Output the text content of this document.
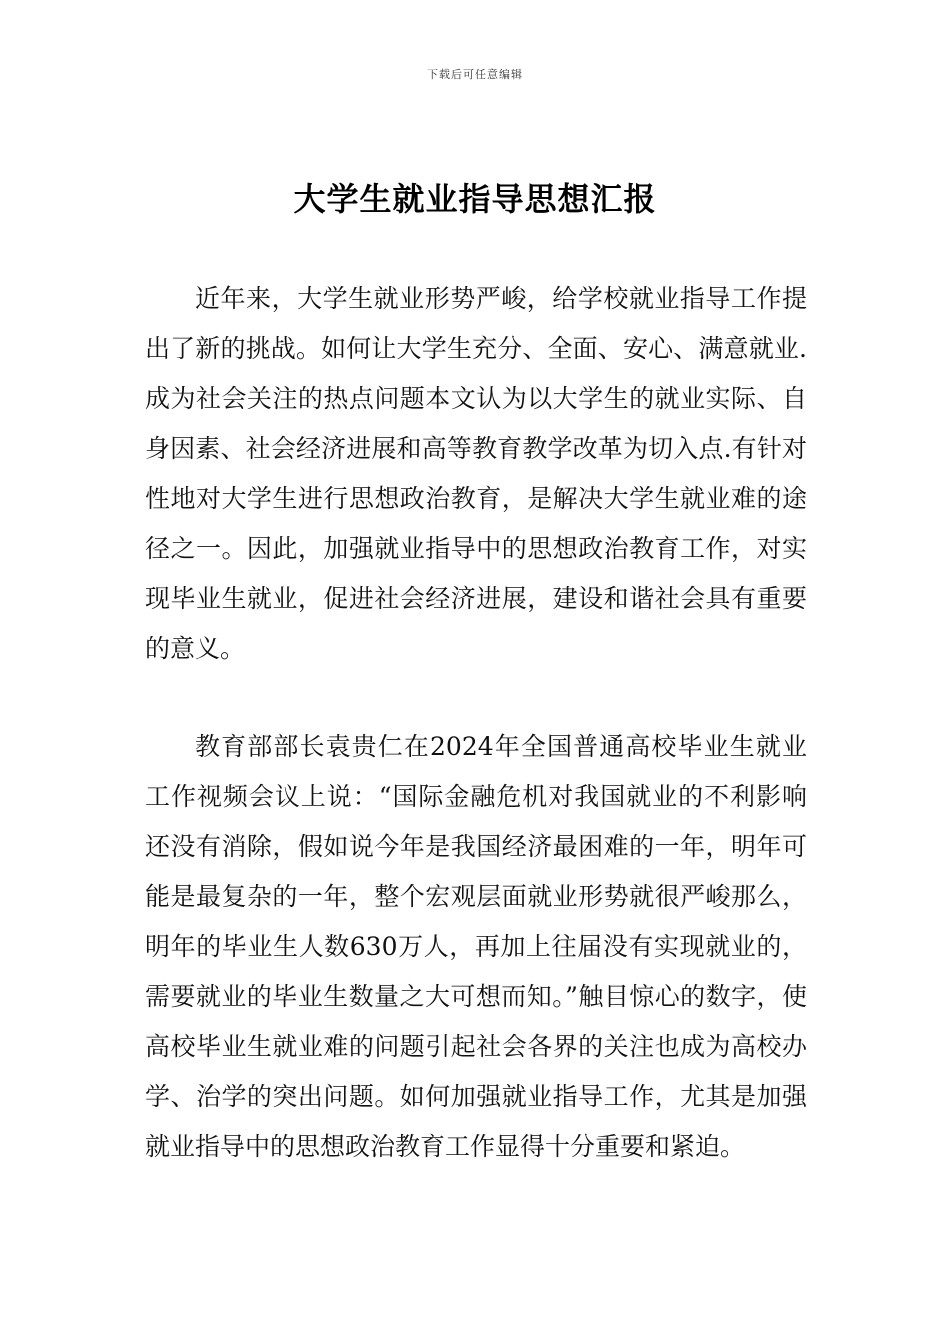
下载后可任意编辑
大学生就业指导思想汇报

近年来，大学生就业形势严峻，给学校就业指导工作提出了新的挑战。如何让大学生充分、全面、安心、满意就业.成为社会关注的热点问题本文认为以大学生的就业实际、自身因素、社会经济进展和高等教育教学改革为切入点.有针对性地对大学生进行思想政治教育，是解决大学生就业难的途径之一。因此，加强就业指导中的思想政治教育工作，对实现毕业生就业，促进社会经济进展，建设和谐社会具有重要的意义。

教育部部长袁贵仁在2024年全国普通高校毕业生就业工作视频会议上说：“国际金融危机对我国就业的不利影响还没有消除，假如说今年是我国经济最困难的一年，明年可能是最复杂的一年，整个宏观层面就业形势就很严峻那么，明年的毕业生人数630万人，再加上往届没有实现就业的，需要就业的毕业生数量之大可想而知。”触目惊心的数字，使高校毕业生就业难的问题引起社会各界的关注也成为高校办学、治学的突出问题。如何加强就业指导工作，尤其是加强就业指导中的思想政治教育工作显得十分重要和紧迫。
